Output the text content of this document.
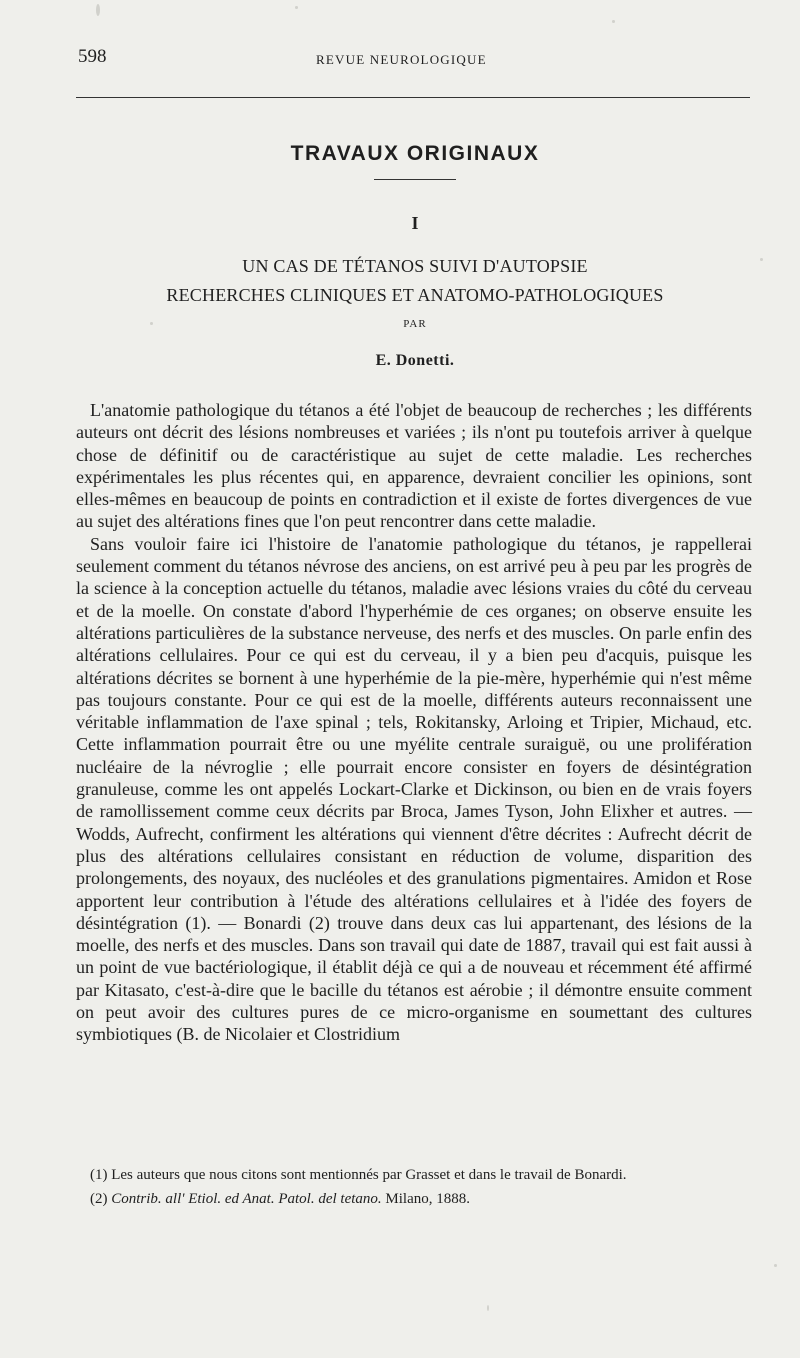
598	REVUE NEUROLOGIQUE
TRAVAUX ORIGINAUX
I
UN CAS DE TÉTANOS SUIVI D'AUTOPSIE
RECHERCHES CLINIQUES ET ANATOMO-PATHOLOGIQUES
PAR
E. Donetti.

L'anatomie pathologique du tétanos a été l'objet de beaucoup de recherches ; les différents auteurs ont décrit des lésions nombreuses et variées ; ils n'ont pu toutefois arriver à quelque chose de définitif ou de caractéristique au sujet de cette maladie. Les recherches expérimentales les plus récentes qui, en apparence, devraient concilier les opinions, sont elles-mêmes en beaucoup de points en contradiction et il existe de fortes divergences de vue au sujet des altérations fines que l'on peut rencontrer dans cette maladie.

Sans vouloir faire ici l'histoire de l'anatomie pathologique du tétanos, je rappellerai seulement comment du tétanos névrose des anciens, on est arrivé peu à peu par les progrès de la science à la conception actuelle du tétanos, maladie avec lésions vraies du côté du cerveau et de la moelle. On constate d'abord l'hyperhémie de ces organes; on observe ensuite les altérations particulières de la substance nerveuse, des nerfs et des muscles. On parle enfin des altérations cellulaires. Pour ce qui est du cerveau, il y a bien peu d'acquis, puisque les altérations décrites se bornent à une hyperhémie de la pie-mère, hyperhémie qui n'est même pas toujours constante. Pour ce qui est de la moelle, différents auteurs reconnaissent une véritable inflammation de l'axe spinal ; tels, Rokitansky, Arloing et Tripier, Michaud, etc. Cette inflammation pourrait être ou une myélite centrale suraiguë, ou une prolifération nucléaire de la névroglie ; elle pourrait encore consister en foyers de désintégration granuleuse, comme les ont appelés Lockart-Clarke et Dickinson, ou bien en de vrais foyers de ramollissement comme ceux décrits par Broca, James Tyson, John Elixher et autres. — Wodds, Aufrecht, confirment les altérations qui viennent d'être décrites : Aufrecht décrit de plus des altérations cellulaires consistant en réduction de volume, disparition des prolongements, des noyaux, des nucléoles et des granulations pigmentaires. Amidon et Rose apportent leur contribution à l'étude des altérations cellulaires et à l'idée des foyers de désintégration (1). — Bonardi (2) trouve dans deux cas lui appartenant, des lésions de la moelle, des nerfs et des muscles. Dans son travail qui date de 1887, travail qui est fait aussi à un point de vue bactériologique, il établit déjà ce qui a de nouveau et récemment été affirmé par Kitasato, c'est-à-dire que le bacille du tétanos est aérobie ; il démontre ensuite comment on peut avoir des cultures pures de ce micro-organisme en soumettant des cultures symbiotiques (B. de Nicolaier et Clostridium

(1) Les auteurs que nous citons sont mentionnés par Grasset et dans le travail de Bonardi.

(2) Contrib. all' Etiol. ed Anat. Patol. del tetano. Milano, 1888.
